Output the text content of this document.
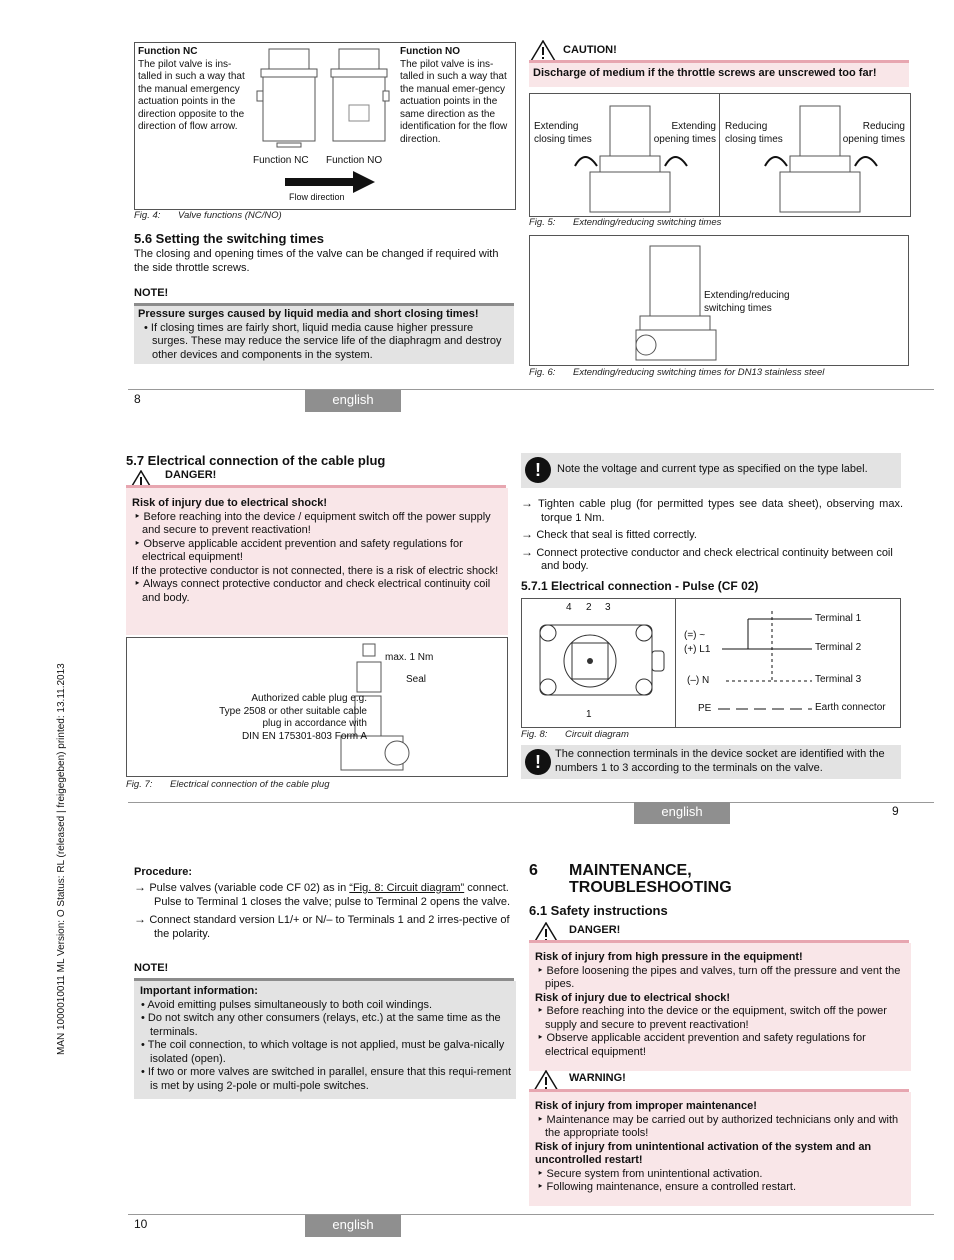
MAN 1000010011 ML Version: O Status: RL (released | freigegeben) printed: 13.11.2013
Function NC
The pilot valve is ins-talled in such a way that the manual emergency actuation points in the direction opposite to the direction of flow arrow.
Function NC Function NO
Flow direction
Function NO
The pilot valve is ins-talled in such a way that the manual emer-gency actuation points in the same direction as the identification for the flow direction.
Fig. 4: Valve functions (NC/NO)
5.6 Setting the switching times
The closing and opening times of the valve can be changed if required with the side throttle screws.
NOTE!
Pressure surges caused by liquid media and short closing times!
• If closing times are fairly short, liquid media cause higher pressure surges. These may reduce the service life of the diaphragm and destroy other devices and components in the system.
CAUTION!
Discharge of medium if the throttle screws are unscrewed too far!
Extending closing times
Extending opening times
Reducing closing times
Reducing opening times
Fig. 5: Extending/reducing switching times
Extending/reducing switching times
Fig. 6: Extending/reducing switching times for DN13 stainless steel
8	english
5.7 Electrical connection of the cable plug
DANGER!
Risk of injury due to electrical shock!
‣ Before reaching into the device / equipment switch off the power supply and secure to prevent reactivation!
‣ Observe applicable accident prevention and safety regulations for electrical equipment!
If the protective conductor is not connected, there is a risk of electric shock!
‣ Always connect protective conductor and check electrical continuity coil and body.
max. 1 Nm
Seal
Authorized cable plug e.g.
Type 2508 or other suitable cable
plug in accordance with
DIN EN 175301-803 Form A
Fig. 7: Electrical connection of the cable plug
!	Note the voltage and current type as specified on the type label.
→ Tighten cable plug (for permitted types see data sheet), observing max. torque 1 Nm.
→ Check that seal is fitted correctly.
→ Connect protective conductor and check electrical continuity between coil and body.
5.7.1 Electrical connection - Pulse (CF 02)
4 2 3
1
(=) ~
(+) L1
(–) N
PE
Terminal 1
Terminal 2
Terminal 3
Earth connector
Fig. 8: Circuit diagram
!	The connection terminals in the device socket are identified with the numbers 1 to 3 according to the terminals on the valve.
english	9
Procedure:
→ Pulse valves (variable code CF 02) as in “Fig. 8: Circuit diagram” connect. Pulse to Terminal 1 closes the valve; pulse to Terminal 2 opens the valve.
→ Connect standard version L1/+ or N/– to Terminals 1 and 2 irres-pective of the polarity.
NOTE!
Important information:
• Avoid emitting pulses simultaneously to both coil windings.
• Do not switch any other consumers (relays, etc.) at the same time as the terminals.
• The coil connection, to which voltage is not applied, must be galva-nically isolated (open).
• If two or more valves are switched in parallel, ensure that this requi-rement is met by using 2-pole or multi-pole switches.
6 MAINTENANCE,
TROUBLESHOOTING
6.1 Safety instructions
DANGER!
Risk of injury from high pressure in the equipment!
‣ Before loosening the pipes and valves, turn off the pressure and vent the pipes.
Risk of injury due to electrical shock!
‣ Before reaching into the device or the equipment, switch off the power supply and secure to prevent reactivation!
‣ Observe applicable accident prevention and safety regulations for electrical equipment!
WARNING!
Risk of injury from improper maintenance!
‣ Maintenance may be carried out by authorized technicians only and with the appropriate tools!
Risk of injury from unintentional activation of the system and an uncontrolled restart!
‣ Secure system from unintentional activation.
‣ Following maintenance, ensure a controlled restart.
10	english
